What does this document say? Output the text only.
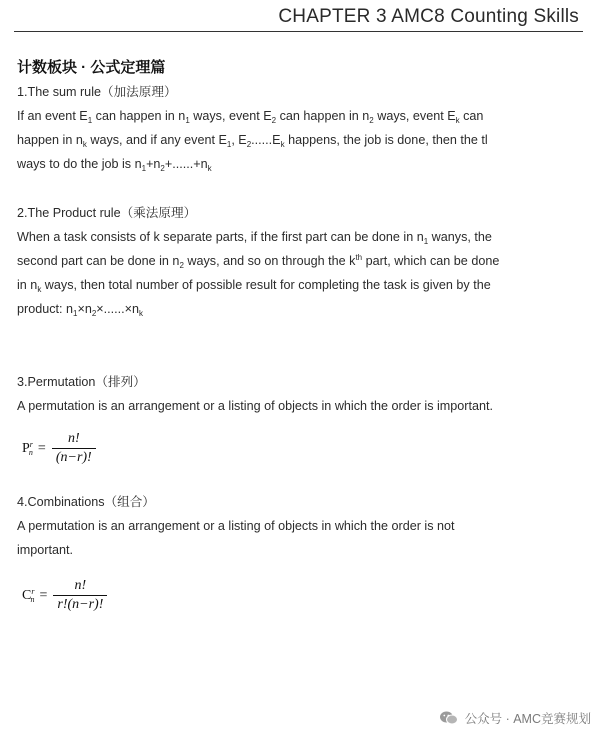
CHAPTER 3 AMC8 Counting Skills
计数板块 · 公式定理篇
1.The sum rule（加法原理）
If an event $E_1$ can happen in $n_1$ ways, event $E_2$ can happen in $n_2$ ways, event $E_k$ can
happen in $n_k$ ways, and if any event $E_1$, $E_2......E_k$ happens, the job is done, then the tl
ways to do the job is $n_1+n_2+......+n_k$
2.The Product rule（乘法原理）
When a task consists of k separate parts, if the first part can be done in $n_1$ wanys, the
second part can be done in $n_2$ ways, and so on through the $k^{th}$ part, which can be done
in $n_k$ ways, then total number of possible result for completing the task is given by the
product: $n_1\times n_2\times......\times n_k$
3.Permutation（排列）
A permutation is an arrangement or a listing of objects in which the order is important.
$P^r_n = \frac{n!}{(n-r)!}$
4.Combinations（组合）
A permutation is an arrangement or a listing of objects in which the order is not
important.
$C^r_n = \frac{n!}{r!(n-r)!}$
公众号 · AMC竞赛规划
